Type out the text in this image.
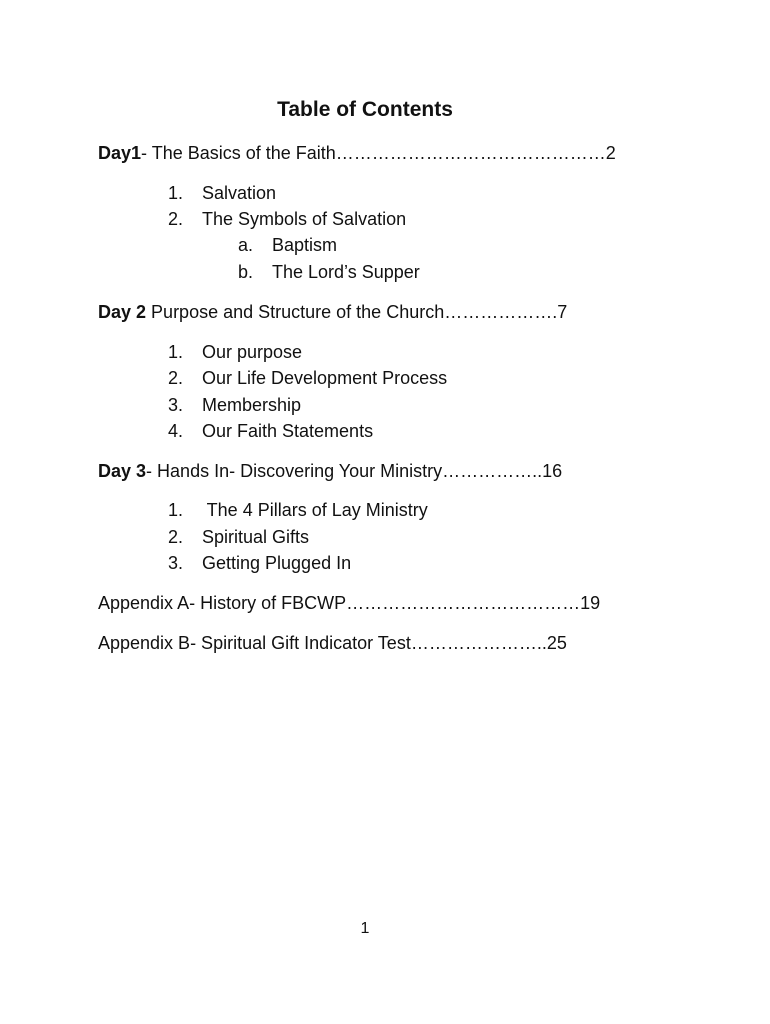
Table of Contents
Day1- The Basics of the Faith………………………………………2
1. Salvation
2. The Symbols of Salvation
a. Baptism
b. The Lord’s Supper
Day 2 Purpose and Structure of the Church……………….7
1. Our purpose
2. Our Life Development Process
3. Membership
4. Our Faith Statements
Day 3- Hands In- Discovering Your Ministry……………..16
1. The 4 Pillars of Lay Ministry
2. Spiritual Gifts
3. Getting Plugged In
Appendix A- History of FBCWP…………………………………19
Appendix B- Spiritual Gift Indicator Test…………………..25
1
